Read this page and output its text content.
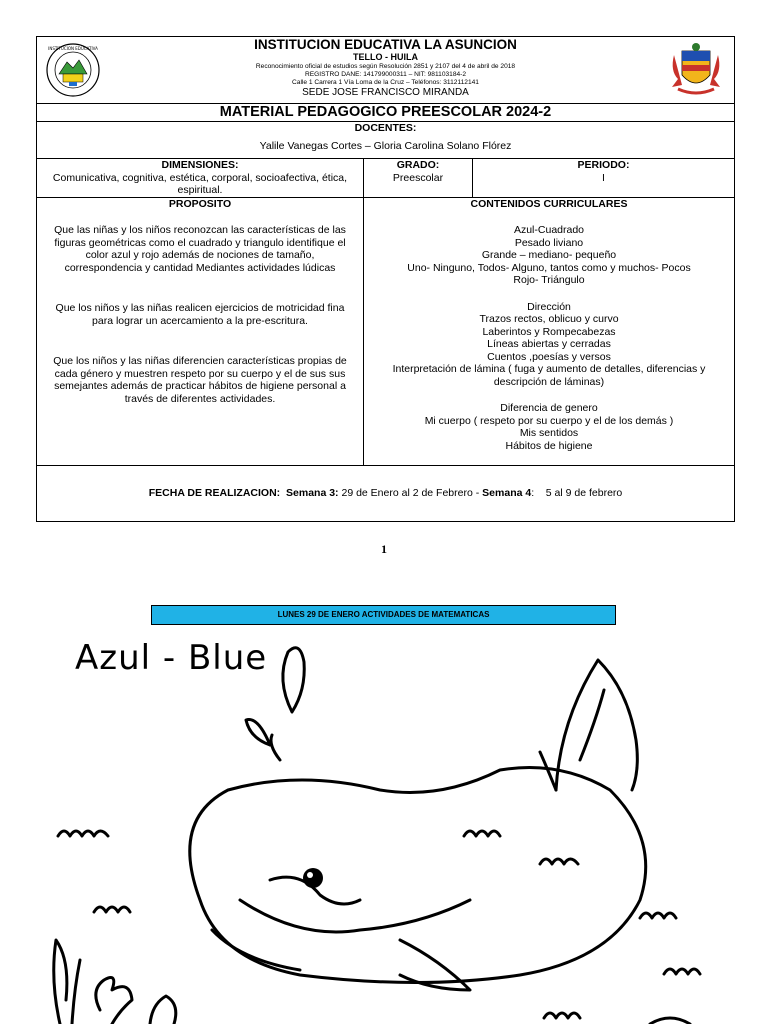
INSTITUCION EDUCATIVA	INSTITUCION EDUCATIVA LA ASUNCION
TELLO - HUILA
Reconocimiento oficial de estudios según Resolución 2851 y 2107 del 4 de abril de 2018
REGISTRO DANE: 141799000311 – NIT: 981103184-2
Calle 1 Carrera 1 Vía Loma de la Cruz – Teléfonos: 3112112141
SEDE JOSE FRANCISCO MIRANDA
MATERIAL PEDAGOGICO PREESCOLAR 2024-2
DOCENTES:
Yalile Vanegas Cortes – Gloria Carolina Solano Flórez
DIMENSIONES:
Comunicativa, cognitiva, estética, corporal, socioafectiva, ética, espiritual.
GRADO:
Preescolar
PERIODO:
I
PROPOSITO
Que las niñas y los niños reconozcan las características de las figuras geométricas como el cuadrado y triangulo identifique el color azul y rojo además de nociones de tamaño, correspondencia y cantidad Mediantes actividades lúdicas
Que los niños y las niñas realicen ejercicios de motricidad fina para lograr un acercamiento a la pre-escritura.
Que los niños y las niñas diferencien características propias de cada género y muestren respeto por su cuerpo y el de sus sus semejantes además de practicar hábitos de higiene personal a través de diferentes actividades.
CONTENIDOS CURRICULARES
Azul-Cuadrado
Pesado liviano
Grande – mediano- pequeño
Uno- Ninguno, Todos- Alguno, tantos como y muchos- Pocos
Rojo- Triángulo
Dirección
Trazos rectos, oblicuo y curvo
Laberintos y Rompecabezas
Líneas abiertas y cerradas
Cuentos ,poesías y versos
Interpretación de lámina ( fuga y aumento de detalles, diferencias y descripción de láminas)
Diferencia de genero
Mi cuerpo ( respeto por su cuerpo y el de los demás )
Mis sentidos
Hábitos de higiene
FECHA DE REALIZACION:
Semana 3:
29 de Enero al 2 de Febrero -
Semana 4 :    5 al 9 de febrero
1
LUNES 29 DE ENERO ACTIVIDADES DE MATEMATICAS
Azul - Blue
